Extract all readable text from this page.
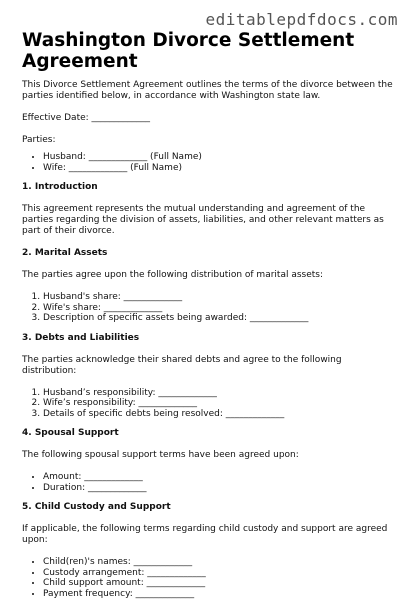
editablepdfdocs.com
Washington Divorce Settlement Agreement

This Divorce Settlement Agreement outlines the terms of the divorce between the parties identified below, in accordance with Washington state law.

Effective Date: _____________

Parties:

• Husband: _____________ (Full Name)
• Wife: _____________ (Full Name)
1. Introduction

This agreement represents the mutual understanding and agreement of the parties regarding the division of assets, liabilities, and other relevant matters as part of their divorce.

2. Marital Assets

The parties agree upon the following distribution of marital assets:

1. Husband's share: _____________
2. Wife's share: _____________
3. Description of specific assets being awarded: _____________
3. Debts and Liabilities

The parties acknowledge their shared debts and agree to the following distribution:

1. Husband’s responsibility: _____________
2. Wife’s responsibility: _____________
3. Details of specific debts being resolved: _____________
4. Spousal Support

The following spousal support terms have been agreed upon:

• Amount: _____________
• Duration: _____________
5. Child Custody and Support

If applicable, the following terms regarding child custody and support are agreed upon:

• Child(ren)'s names: _____________
• Custody arrangement: _____________
• Child support amount: _____________
• Payment frequency: _____________
